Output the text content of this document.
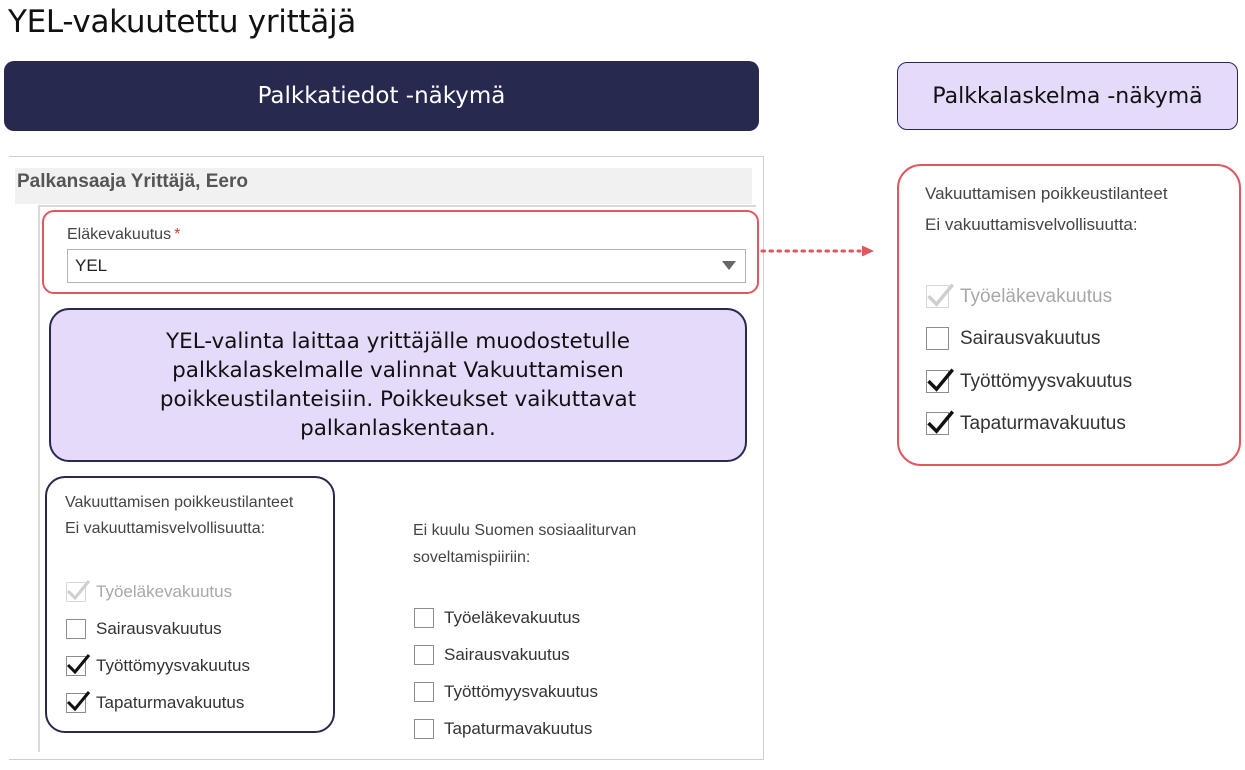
YEL-vakuutettu yrittäjä
Palkkatiedot -näkymä	Palkkalaskelma -näkymä
Palkansaaja Yrittäjä, Eero
Eläkevakuutus *
YEL
YEL-valinta laittaa yrittäjälle muodostetulle palkkalaskelmalle valinnat Vakuuttamisen poikkeustilanteisiin. Poikkeukset vaikuttavat palkanlaskentaan.
Vakuuttamisen poikkeustilanteet
Ei vakuuttamisvelvollisuutta:
Työeläkevakuutus
Sairausvakuutus
Työttömyysvakuutus
Tapaturmavakuutus
Ei kuulu Suomen sosiaaliturvan
soveltamispiiriin:
Työeläkevakuutus
Sairausvakuutus
Työttömyysvakuutus
Tapaturmavakuutus
Vakuuttamisen poikkeustilanteet
Ei vakuuttamisvelvollisuutta:
Työeläkevakuutus
Sairausvakuutus
Työttömyysvakuutus
Tapaturmavakuutus
